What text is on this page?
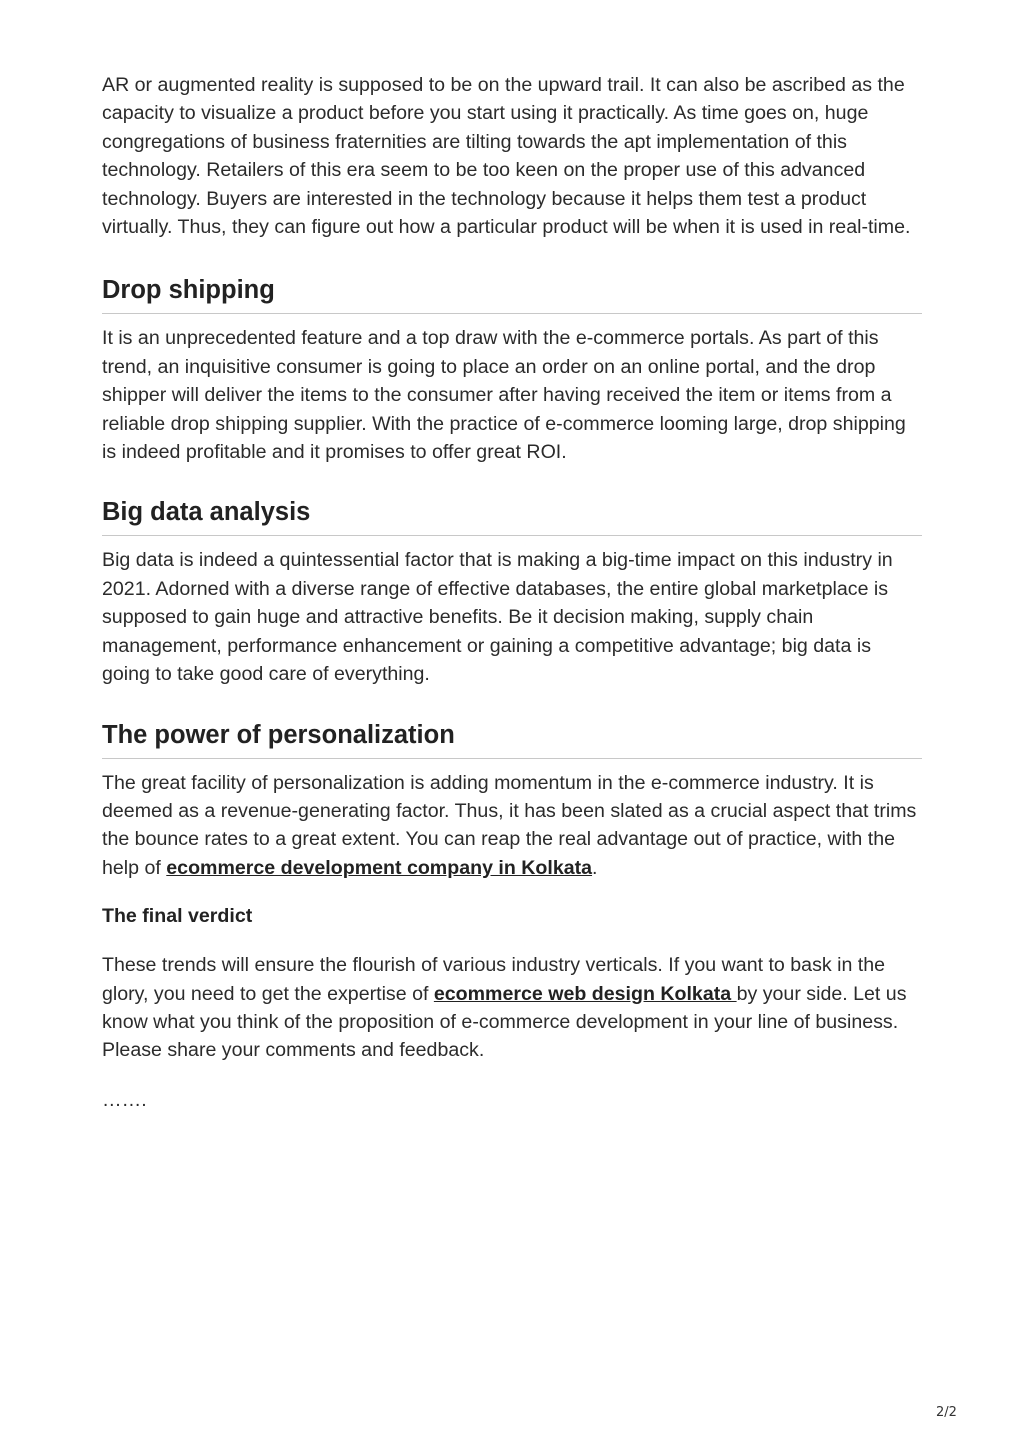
AR or augmented reality is supposed to be on the upward trail. It can also be ascribed as the capacity to visualize a product before you start using it practically. As time goes on, huge congregations of business fraternities are tilting towards the apt implementation of this technology. Retailers of this era seem to be too keen on the proper use of this advanced technology. Buyers are interested in the technology because it helps them test a product virtually. Thus, they can figure out how a particular product will be when it is used in real-time.

Drop shipping

It is an unprecedented feature and a top draw with the e-commerce portals. As part of this trend, an inquisitive consumer is going to place an order on an online portal, and the drop shipper will deliver the items to the consumer after having received the item or items from a reliable drop shipping supplier. With the practice of e-commerce looming large, drop shipping is indeed profitable and it promises to offer great ROI.

Big data analysis

Big data is indeed a quintessential factor that is making a big-time impact on this industry in 2021. Adorned with a diverse range of effective databases, the entire global marketplace is supposed to gain huge and attractive benefits. Be it decision making, supply chain management, performance enhancement or gaining a competitive advantage; big data is going to take good care of everything.

The power of personalization

The great facility of personalization is adding momentum in the e-commerce industry. It is deemed as a revenue-generating factor. Thus, it has been slated as a crucial aspect that trims the bounce rates to a great extent. You can reap the real advantage out of practice, with the help of ecommerce development company in Kolkata.

The final verdict

These trends will ensure the flourish of various industry verticals. If you want to bask in the glory, you need to get the expertise of ecommerce web design Kolkata by your side. Let us know what you think of the proposition of e-commerce development in your line of business. Please share your comments and feedback.

…….
2/2
